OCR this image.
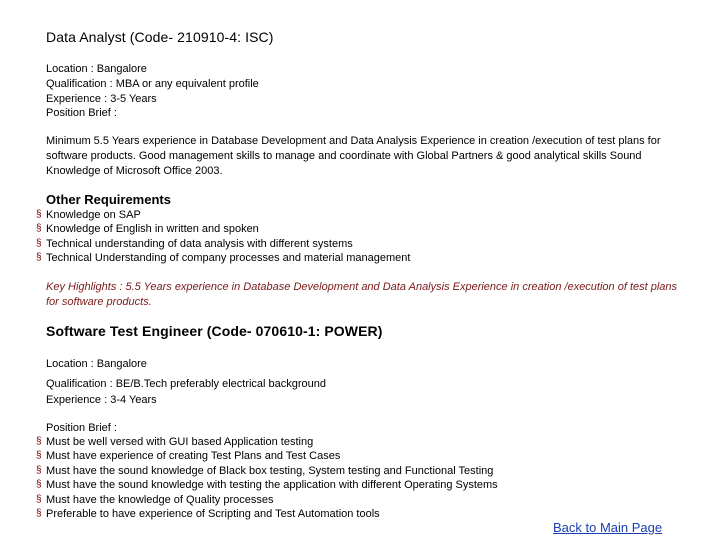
Data Analyst (Code- 210910-4: ISC)
Location : Bangalore
Qualification : MBA or any equivalent profile
Experience : 3-5 Years
Position Brief :
Minimum 5.5 Years experience in Database Development and Data Analysis Experience in creation /execution of test plans for software products. Good management skills to manage and coordinate with Global Partners & good analytical skills Sound Knowledge of Microsoft Office 2003.
Other Requirements
§ Knowledge on SAP
§ Knowledge of English in written and spoken
§ Technical understanding of data analysis with different systems
§ Technical Understanding of company processes and material management
Key Highlights : 5.5 Years experience in Database Development and Data Analysis Experience in creation /execution of test plans for software products.
Software Test Engineer (Code- 070610-1: POWER)
Location : Bangalore
Qualification : BE/B.Tech preferably electrical background
Experience : 3-4 Years
Position Brief :
§ Must be well versed with GUI based Application testing
§ Must have experience of creating Test Plans and Test Cases
§ Must have the sound knowledge of Black box testing, System testing and Functional Testing
§ Must have the sound knowledge with testing the application with different Operating Systems
§ Must have the knowledge of Quality processes
§ Preferable to have experience of Scripting and Test Automation tools
Back to Main Page
